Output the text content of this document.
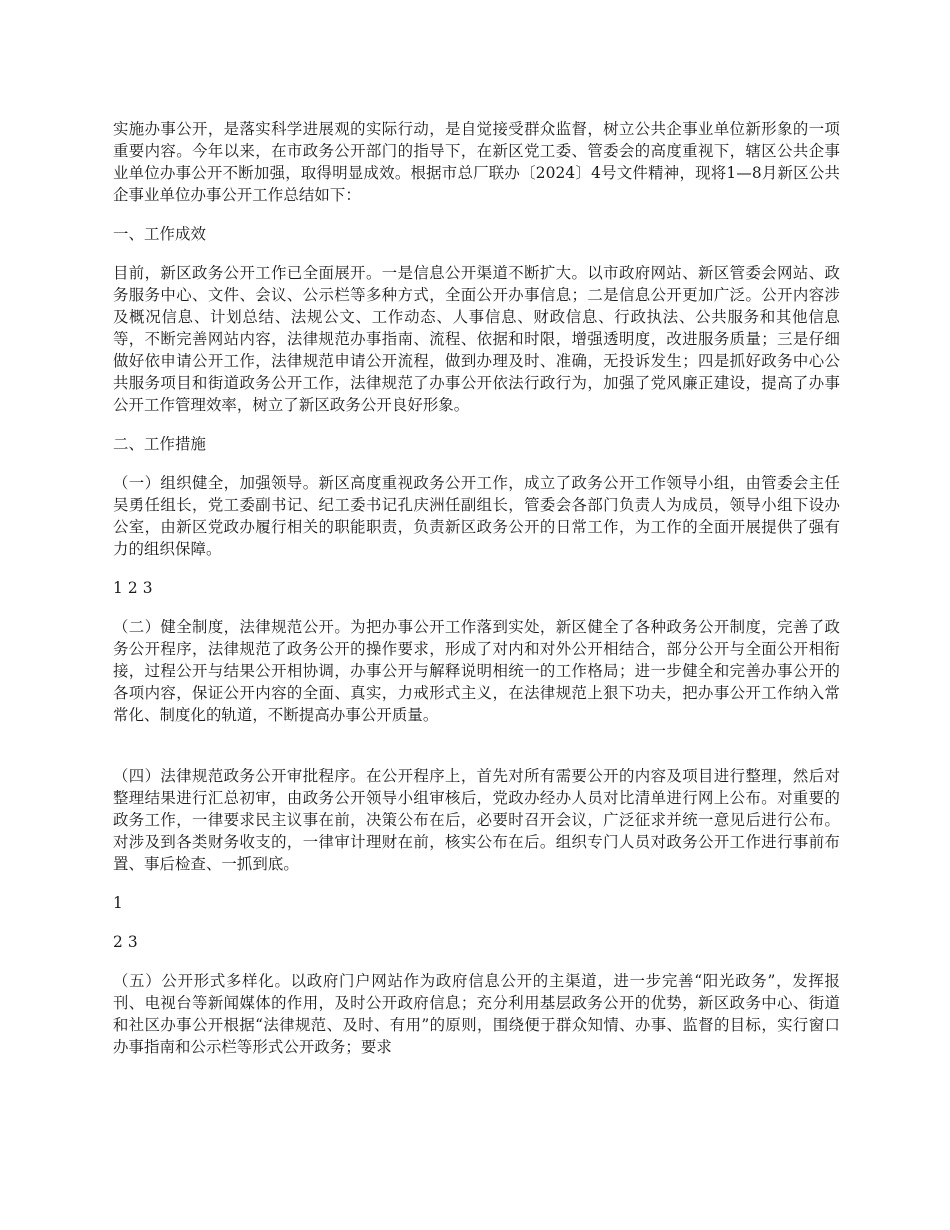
实施办事公开，是落实科学进展观的实际行动，是自觉接受群众监督，树立公共企事业单位新形象的一项重要内容。今年以来，在市政务公开部门的指导下，在新区党工委、管委会的高度重视下，辖区公共企事业单位办事公开不断加强，取得明显成效。根据市总厂联办〔2024〕4号文件精神，现将1—8月新区公共企事业单位办事公开工作总结如下：

一、工作成效

目前，新区政务公开工作已全面展开。一是信息公开渠道不断扩大。以市政府网站、新区管委会网站、政务服务中心、文件、会议、公示栏等多种方式，全面公开办事信息；二是信息公开更加广泛。公开内容涉及概况信息、计划总结、法规公文、工作动态、人事信息、财政信息、行政执法、公共服务和其他信息等，不断完善网站内容，法律规范办事指南、流程、依据和时限，增强透明度，改进服务质量；三是仔细做好依申请公开工作，法律规范申请公开流程，做到办理及时、准确，无投诉发生；四是抓好政务中心公共服务项目和街道政务公开工作，法律规范了办事公开依法行政行为，加强了党风廉正建设，提高了办事公开工作管理效率，树立了新区政务公开良好形象。

二、工作措施

（一）组织健全，加强领导。新区高度重视政务公开工作，成立了政务公开工作领导小组，由管委会主任吴勇任组长，党工委副书记、纪工委书记孔庆洲任副组长，管委会各部门负责人为成员，领导小组下设办公室，由新区党政办履行相关的职能职责，负责新区政务公开的日常工作，为工作的全面开展提供了强有力的组织保障。

1 2 3

（二）健全制度，法律规范公开。为把办事公开工作落到实处，新区健全了各种政务公开制度，完善了政务公开程序，法律规范了政务公开的操作要求，形成了对内和对外公开相结合，部分公开与全面公开相衔接，过程公开与结果公开相协调，办事公开与解释说明相统一的工作格局；进一步健全和完善办事公开的各项内容，保证公开内容的全面、真实，力戒形式主义，在法律规范上狠下功夫，把办事公开工作纳入常常化、制度化的轨道，不断提高办事公开质量。

（四）法律规范政务公开审批程序。在公开程序上，首先对所有需要公开的内容及项目进行整理，然后对整理结果进行汇总初审，由政务公开领导小组审核后，党政办经办人员对比清单进行网上公布。对重要的政务工作，一律要求民主议事在前，决策公布在后，必要时召开会议，广泛征求并统一意见后进行公布。对涉及到各类财务收支的，一律审计理财在前，核实公布在后。组织专门人员对政务公开工作进行事前布置、事后检查、一抓到底。

1

2 3

（五）公开形式多样化。以政府门户网站作为政府信息公开的主渠道，进一步完善“阳光政务”，发挥报刊、电视台等新闻媒体的作用，及时公开政府信息；充分利用基层政务公开的优势，新区政务中心、街道和社区办事公开根据“法律规范、及时、有用”的原则，围绕便于群众知情、办事、监督的目标，实行窗口办事指南和公示栏等形式公开政务；要求
